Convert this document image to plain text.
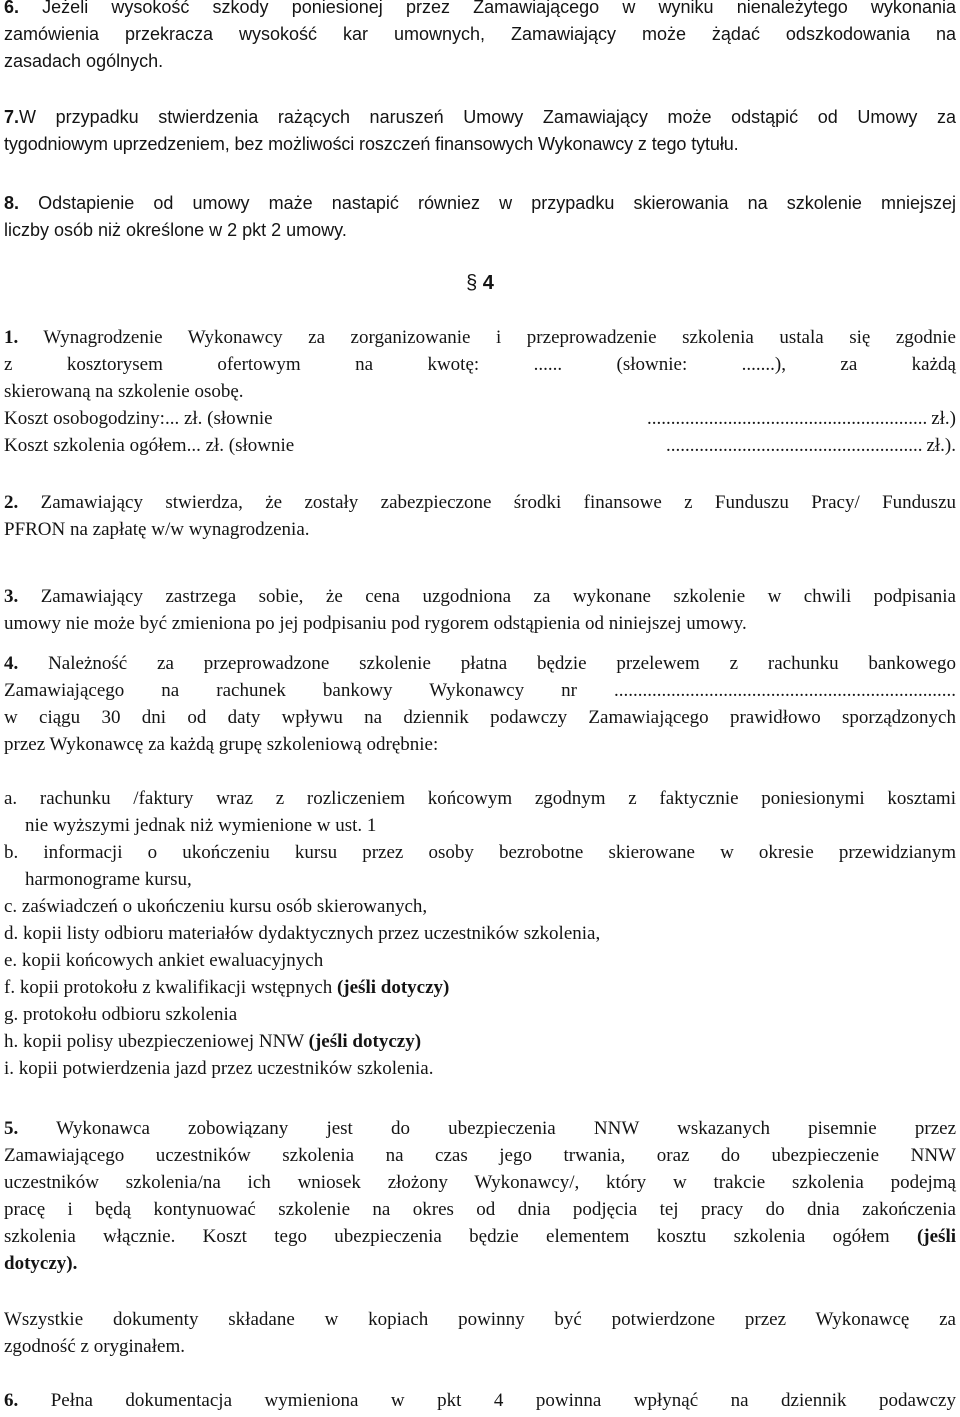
6. Jeżeli wysokość szkody poniesionej przez Zamawiającego w wyniku nienależytego wykonania

zamówienia przekracza wysokość kar umownych, Zamawiający może żądać odszkodowania na

zasadach ogólnych.

7.W przypadku stwierdzenia rażących naruszeń Umowy Zamawiający może odstąpić od Umowy za

tygodniowym uprzedzeniem, bez możliwości roszczeń finansowych Wykonawcy z tego tytułu.

8. Odstapienie od umowy maże nastapić równiez w przypadku skierowania na szkolenie mniejszej

liczby osób niż określone w 2 pkt 2 umowy.

§ 4

1. Wynagrodzenie Wykonawcy za zorganizowanie i przeprowadzenie szkolenia ustala się zgodnie

z kosztorysem ofertowym na kwotę: ...... (słownie: .......), za każdą

skierowaną na szkolenie osobę.

Koszt osobogodziny:... zł. (słownie	........................................................... zł.)
Koszt szkolenia ogółem... zł. (słownie	...................................................... zł.).

2. Zamawiający stwierdza, że zostały zabezpieczone środki finansowe z Funduszu Pracy/ Funduszu

PFRON na zapłatę w/w wynagrodzenia.

3. Zamawiający zastrzega sobie, że cena uzgodniona za wykonane szkolenie w chwili podpisania

umowy nie może być zmieniona po jej podpisaniu pod rygorem odstąpienia od niniejszej umowy.

4. Należność za przeprowadzone szkolenie płatna będzie przelewem z rachunku bankowego

Zamawiającego na rachunek bankowy Wykonawcy nr ........................................................................

w ciągu 30 dni od daty wpływu na dziennik podawczy Zamawiającego prawidłowo sporządzonych

przez Wykonawcę za każdą grupę szkoleniową odrębnie:

a. rachunku /faktury wraz z rozliczeniem końcowym zgodnym z faktycznie poniesionymi kosztami

nie wyższymi jednak niż wymienione w ust. 1

b. informacji o ukończeniu kursu przez osoby bezrobotne skierowane w okresie przewidzianym

harmonograme kursu,

c. zaświadczeń o ukończeniu kursu osób skierowanych,

d. kopii listy odbioru materiałów dydaktycznych przez uczestników szkolenia,

e. kopii końcowych ankiet ewaluacyjnych

f. kopii protokołu z kwalifikacji wstępnych (jeśli dotyczy)

g. protokołu odbioru szkolenia

h. kopii polisy ubezpieczeniowej NNW (jeśli dotyczy)

i. kopii potwierdzenia jazd przez uczestników szkolenia.

5. Wykonawca zobowiązany jest do ubezpieczenia NNW wskazanych pisemnie przez

Zamawiającego uczestników szkolenia na czas jego trwania, oraz do ubezpieczenie NNW

uczestników szkolenia/na ich wniosek złożony Wykonawcy/, który w trakcie szkolenia podejmą

pracę i będą kontynuować szkolenie na okres od dnia podjęcia tej pracy do dnia zakończenia

szkolenia włącznie. Koszt tego ubezpieczenia będzie elementem kosztu szkolenia ogółem (jeśli

dotyczy).

Wszystkie dokumenty składane w kopiach powinny być potwierdzone przez Wykonawcę za

zgodność z oryginałem.

6. Pełna dokumentacja wymieniona w pkt 4 powinna wpłynąć na dziennik podawczy
